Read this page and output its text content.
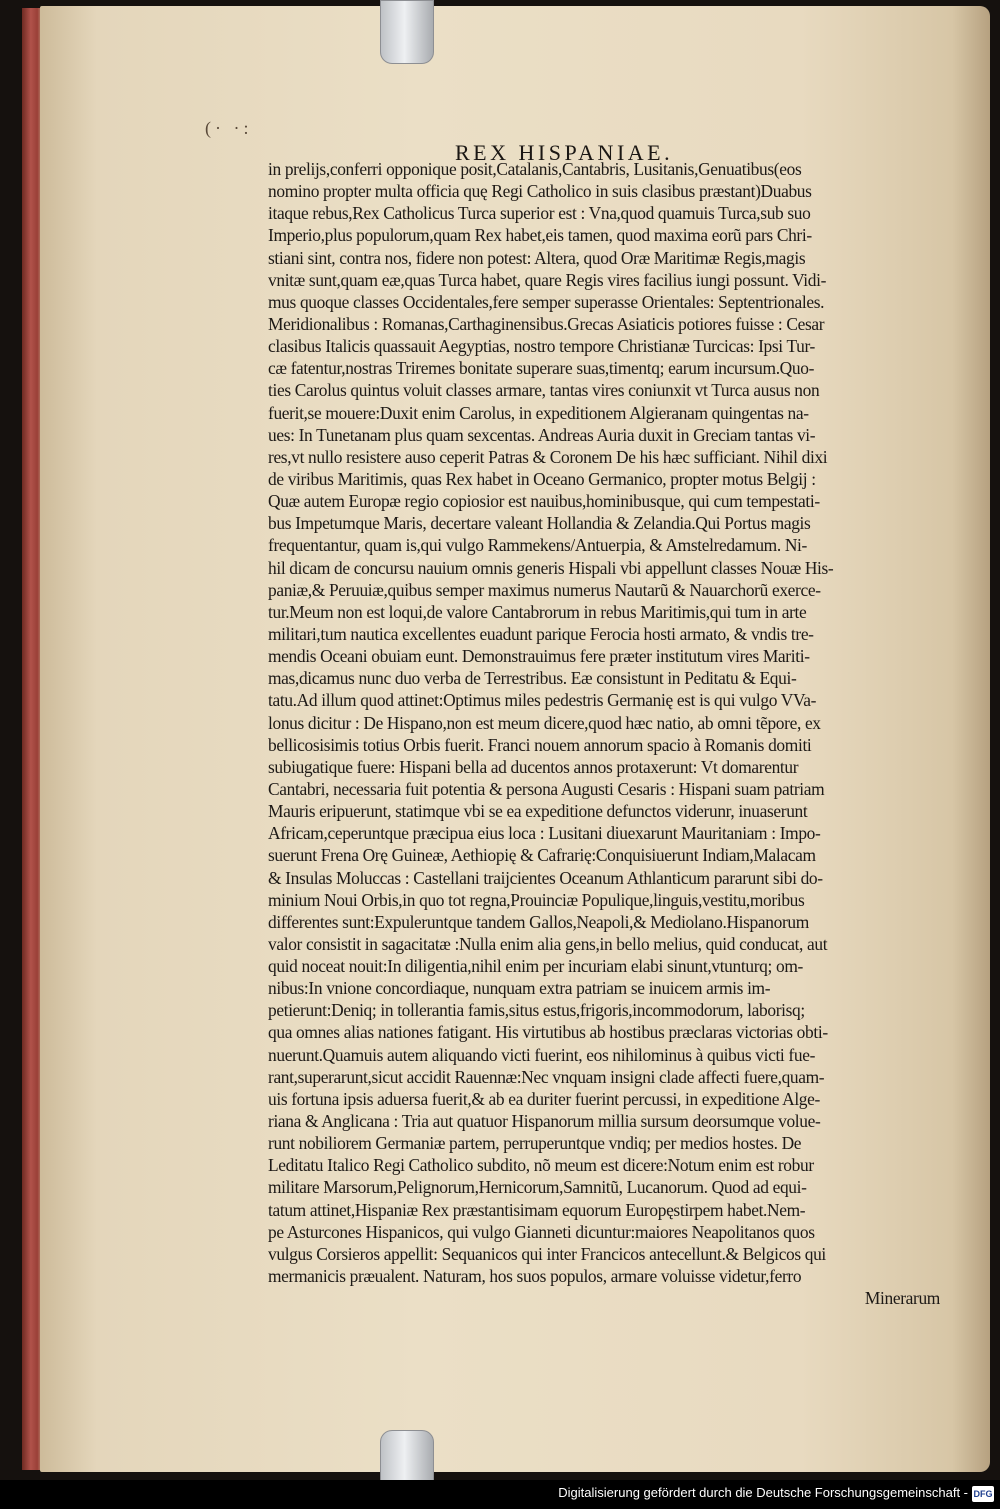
(· ·:
REX HISPANIAE.
in prelijs,conferri opponique posit,Catalanis,Cantabris, Lusitanis,Genuatibus(eos
nomino propter multa officia quę Regi Catholico in suis clasibus præstant)Duabus
itaque rebus,Rex Catholicus Turca superior est : Vna,quod quamuis Turca,sub suo
Imperio,plus populorum,quam Rex habet,eis tamen, quod maxima eorũ pars Chri-
stiani sint, contra nos, fidere non potest: Altera, quod Oræ Maritimæ Regis,magis
vnitæ sunt,quam eæ,quas Turca habet, quare Regis vires facilius iungi possunt. Vidi-
mus quoque classes Occidentales,fere semper superasse Orientales: Septentrionales.
Meridionalibus : Romanas,Carthaginensibus.Grecas Asiaticis potiores fuisse : Cesar
clasibus Italicis quassauit Aegyptias, nostro tempore Christianæ Turcicas: Ipsi Tur-
cæ fatentur,nostras Triremes bonitate superare suas,timentq; earum incursum.Quo-
ties Carolus quintus voluit classes armare, tantas vires coniunxit vt Turca ausus non
fuerit,se mouere:Duxit enim Carolus, in expeditionem Algieranam quingentas na-
ues: In Tunetanam plus quam sexcentas. Andreas Auria duxit in Greciam tantas vi-
res,vt nullo resistere auso ceperit Patras & Coronem De his hæc sufficiant. Nihil dixi
de viribus Maritimis, quas Rex habet in Oceano Germanico, propter motus Belgij :
Quæ autem Europæ regio copiosior est nauibus,hominibusque, qui cum tempestati-
bus Impetumque Maris, decertare valeant Hollandia & Zelandia.Qui Portus magis
frequentantur, quam is,qui vulgo Rammekens/Antuerpia, & Amstelredamum. Ni-
hil dicam de concursu nauium omnis generis Hispali vbi appellunt classes Nouæ His-
paniæ,& Peruuiæ,quibus semper maximus numerus Nautarũ & Nauarchorũ exerce-
tur.Meum non est loqui,de valore Cantabrorum in rebus Maritimis,qui tum in arte
militari,tum nautica excellentes euadunt parique Ferocia hosti armato, & vndis tre-
mendis Oceani obuiam eunt. Demonstrauimus fere præter institutum vires Mariti-
mas,dicamus nunc duo verba de Terrestribus. Eæ consistunt in Peditatu & Equi-
tatu.Ad illum quod attinet:Optimus miles pedestris Germanię est is qui vulgo VVa-
lonus dicitur : De Hispano,non est meum dicere,quod hæc natio, ab omni tẽpore, ex
bellicosisimis totius Orbis fuerit. Franci nouem annorum spacio à Romanis domiti
subiugatique fuere: Hispani bella ad ducentos annos protaxerunt: Vt domarentur
Cantabri, necessaria fuit potentia & persona Augusti Cesaris : Hispani suam patriam
Mauris eripuerunt, statimque vbi se ea expeditione defunctos viderunr, inuaserunt
Africam,ceperuntque præcipua eius loca : Lusitani diuexarunt Mauritaniam : Impo-
suerunt Frena Orę Guineæ, Aethiopię & Cafrarię:Conquisiuerunt Indiam,Malacam
& Insulas Moluccas : Castellani traijcientes Oceanum Athlanticum pararunt sibi do-
minium Noui Orbis,in quo tot regna,Prouinciæ Populique,linguis,vestitu,moribus
differentes sunt:Expuleruntque tandem Gallos,Neapoli,& Mediolano.Hispanorum
valor consistit in sagacitatæ :Nulla enim alia gens,in bello melius, quid conducat, aut
quid noceat nouit:In diligentia,nihil enim per incuriam elabi sinunt,vtunturq; om-
nibus:In vnione concordiaque, nunquam extra patriam se inuicem armis im-
petierunt:Deniq; in tollerantia famis,situs estus,frigoris,incommodorum, laborisq;
qua omnes alias nationes fatigant. His virtutibus ab hostibus præclaras victorias obti-
nuerunt.Quamuis autem aliquando victi fuerint, eos nihilominus à quibus victi fue-
rant,superarunt,sicut accidit Rauennæ:Nec vnquam insigni clade affecti fuere,quam-
uis fortuna ipsis aduersa fuerit,& ab ea duriter fuerint percussi, in expeditione Alge-
riana & Anglicana : Tria aut quatuor Hispanorum millia sursum deorsumque volue-
runt nobiliorem Germaniæ partem, perruperuntque vndiq; per medios hostes. De
Leditatu Italico Regi Catholico subdito, nõ meum est dicere:Notum enim est robur
militare Marsorum,Pelignorum,Hernicorum,Samnitũ, Lucanorum. Quod ad equi-
tatum attinet,Hispaniæ Rex præstantisimam equorum Europęstirpem habet.Nem-
pe Asturcones Hispanicos, qui vulgo Gianneti dicuntur:maiores Neapolitanos quos
vulgus Corsieros appellit: Sequanicos qui inter Francicos antecellunt.& Belgicos qui
mermanicis præualent. Naturam, hos suos populos, armare voluisse videtur,ferro
Minerarum
Digitalisierung gefördert durch die Deutsche Forschungsgemeinschaft - DFG
